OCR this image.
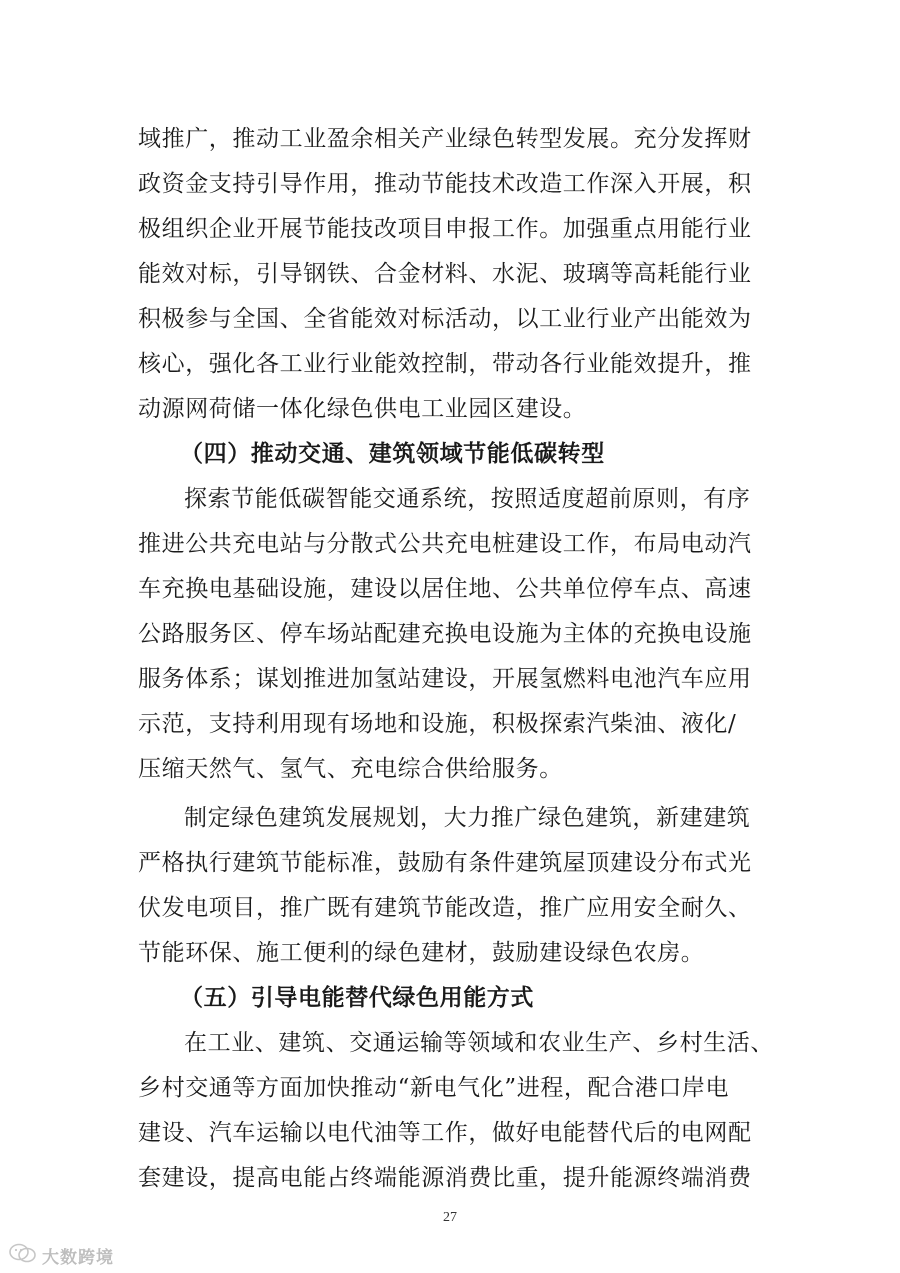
域推广，推动工业盈余相关产业绿色转型发展。充分发挥财
政资金支持引导作用，推动节能技术改造工作深入开展，积
极组织企业开展节能技改项目申报工作。加强重点用能行业
能效对标，引导钢铁、合金材料、水泥、玻璃等高耗能行业
积极参与全国、全省能效对标活动，以工业行业产出能效为
核心，强化各工业行业能效控制，带动各行业能效提升，推
动源网荷储一体化绿色供电工业园区建设。
（四）推动交通、建筑领域节能低碳转型
探索节能低碳智能交通系统，按照适度超前原则，有序
推进公共充电站与分散式公共充电桩建设工作，布局电动汽
车充换电基础设施，建设以居住地、公共单位停车点、高速
公路服务区、停车场站配建充换电设施为主体的充换电设施
服务体系；谋划推进加氢站建设，开展氢燃料电池汽车应用
示范，支持利用现有场地和设施，积极探索汽柴油、液化/
压缩天然气、氢气、充电综合供给服务。
制定绿色建筑发展规划，大力推广绿色建筑，新建建筑
严格执行建筑节能标准，鼓励有条件建筑屋顶建设分布式光
伏发电项目，推广既有建筑节能改造，推广应用安全耐久、
节能环保、施工便利的绿色建材，鼓励建设绿色农房。
（五）引导电能替代绿色用能方式
在工业、建筑、交通运输等领域和农业生产、乡村生活、
乡村交通等方面加快推动“新电气化”进程，配合港口岸电
建设、汽车运输以电代油等工作，做好电能替代后的电网配
套建设，提高电能占终端能源消费比重，提升能源终端消费
27
大数跨境
